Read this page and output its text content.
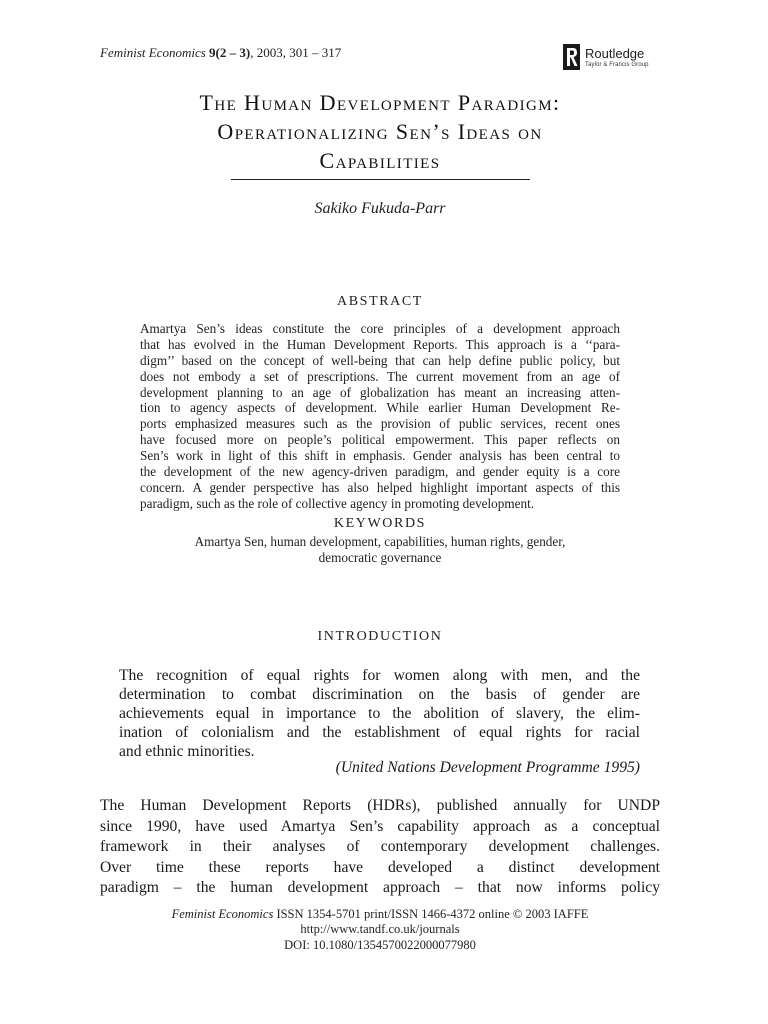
Feminist Economics 9(2 – 3), 2003, 301 – 317	Routledge
Taylor & Francis Group
The Human Development Paradigm:
Operationalizing Sen’s Ideas on
Capabilities
Sakiko Fukuda-Parr
ABSTRACT
Amartya Sen’s ideas constitute the core principles of a development approach
that has evolved in the Human Development Reports. This approach is a ‘‘para-
digm’’ based on the concept of well-being that can help define public policy, but
does not embody a set of prescriptions. The current movement from an age of
development planning to an age of globalization has meant an increasing atten-
tion to agency aspects of development. While earlier Human Development Re-
ports emphasized measures such as the provision of public services, recent ones
have focused more on people’s political empowerment. This paper reflects on
Sen’s work in light of this shift in emphasis. Gender analysis has been central to
the development of the new agency-driven paradigm, and gender equity is a core
concern. A gender perspective has also helped highlight important aspects of this
paradigm, such as the role of collective agency in promoting development.
KEYWORDS
Amartya Sen, human development, capabilities, human rights, gender,
democratic governance
INTRODUCTION
The recognition of equal rights for women along with men, and the
determination to combat discrimination on the basis of gender are
achievements equal in importance to the abolition of slavery, the elim-
ination of colonialism and the establishment of equal rights for racial
and ethnic minorities.
(United Nations Development Programme 1995)
The Human Development Reports (HDRs), published annually for UNDP
since 1990, have used Amartya Sen’s capability approach as a conceptual
framework in their analyses of contemporary development challenges.
Over time these reports have developed a distinct development
paradigm – the human development approach – that now informs policy
Feminist Economics ISSN 1354-5701 print/ISSN 1466-4372 online © 2003 IAFFE
http://www.tandf.co.uk/journals
DOI: 10.1080/1354570022000077980
